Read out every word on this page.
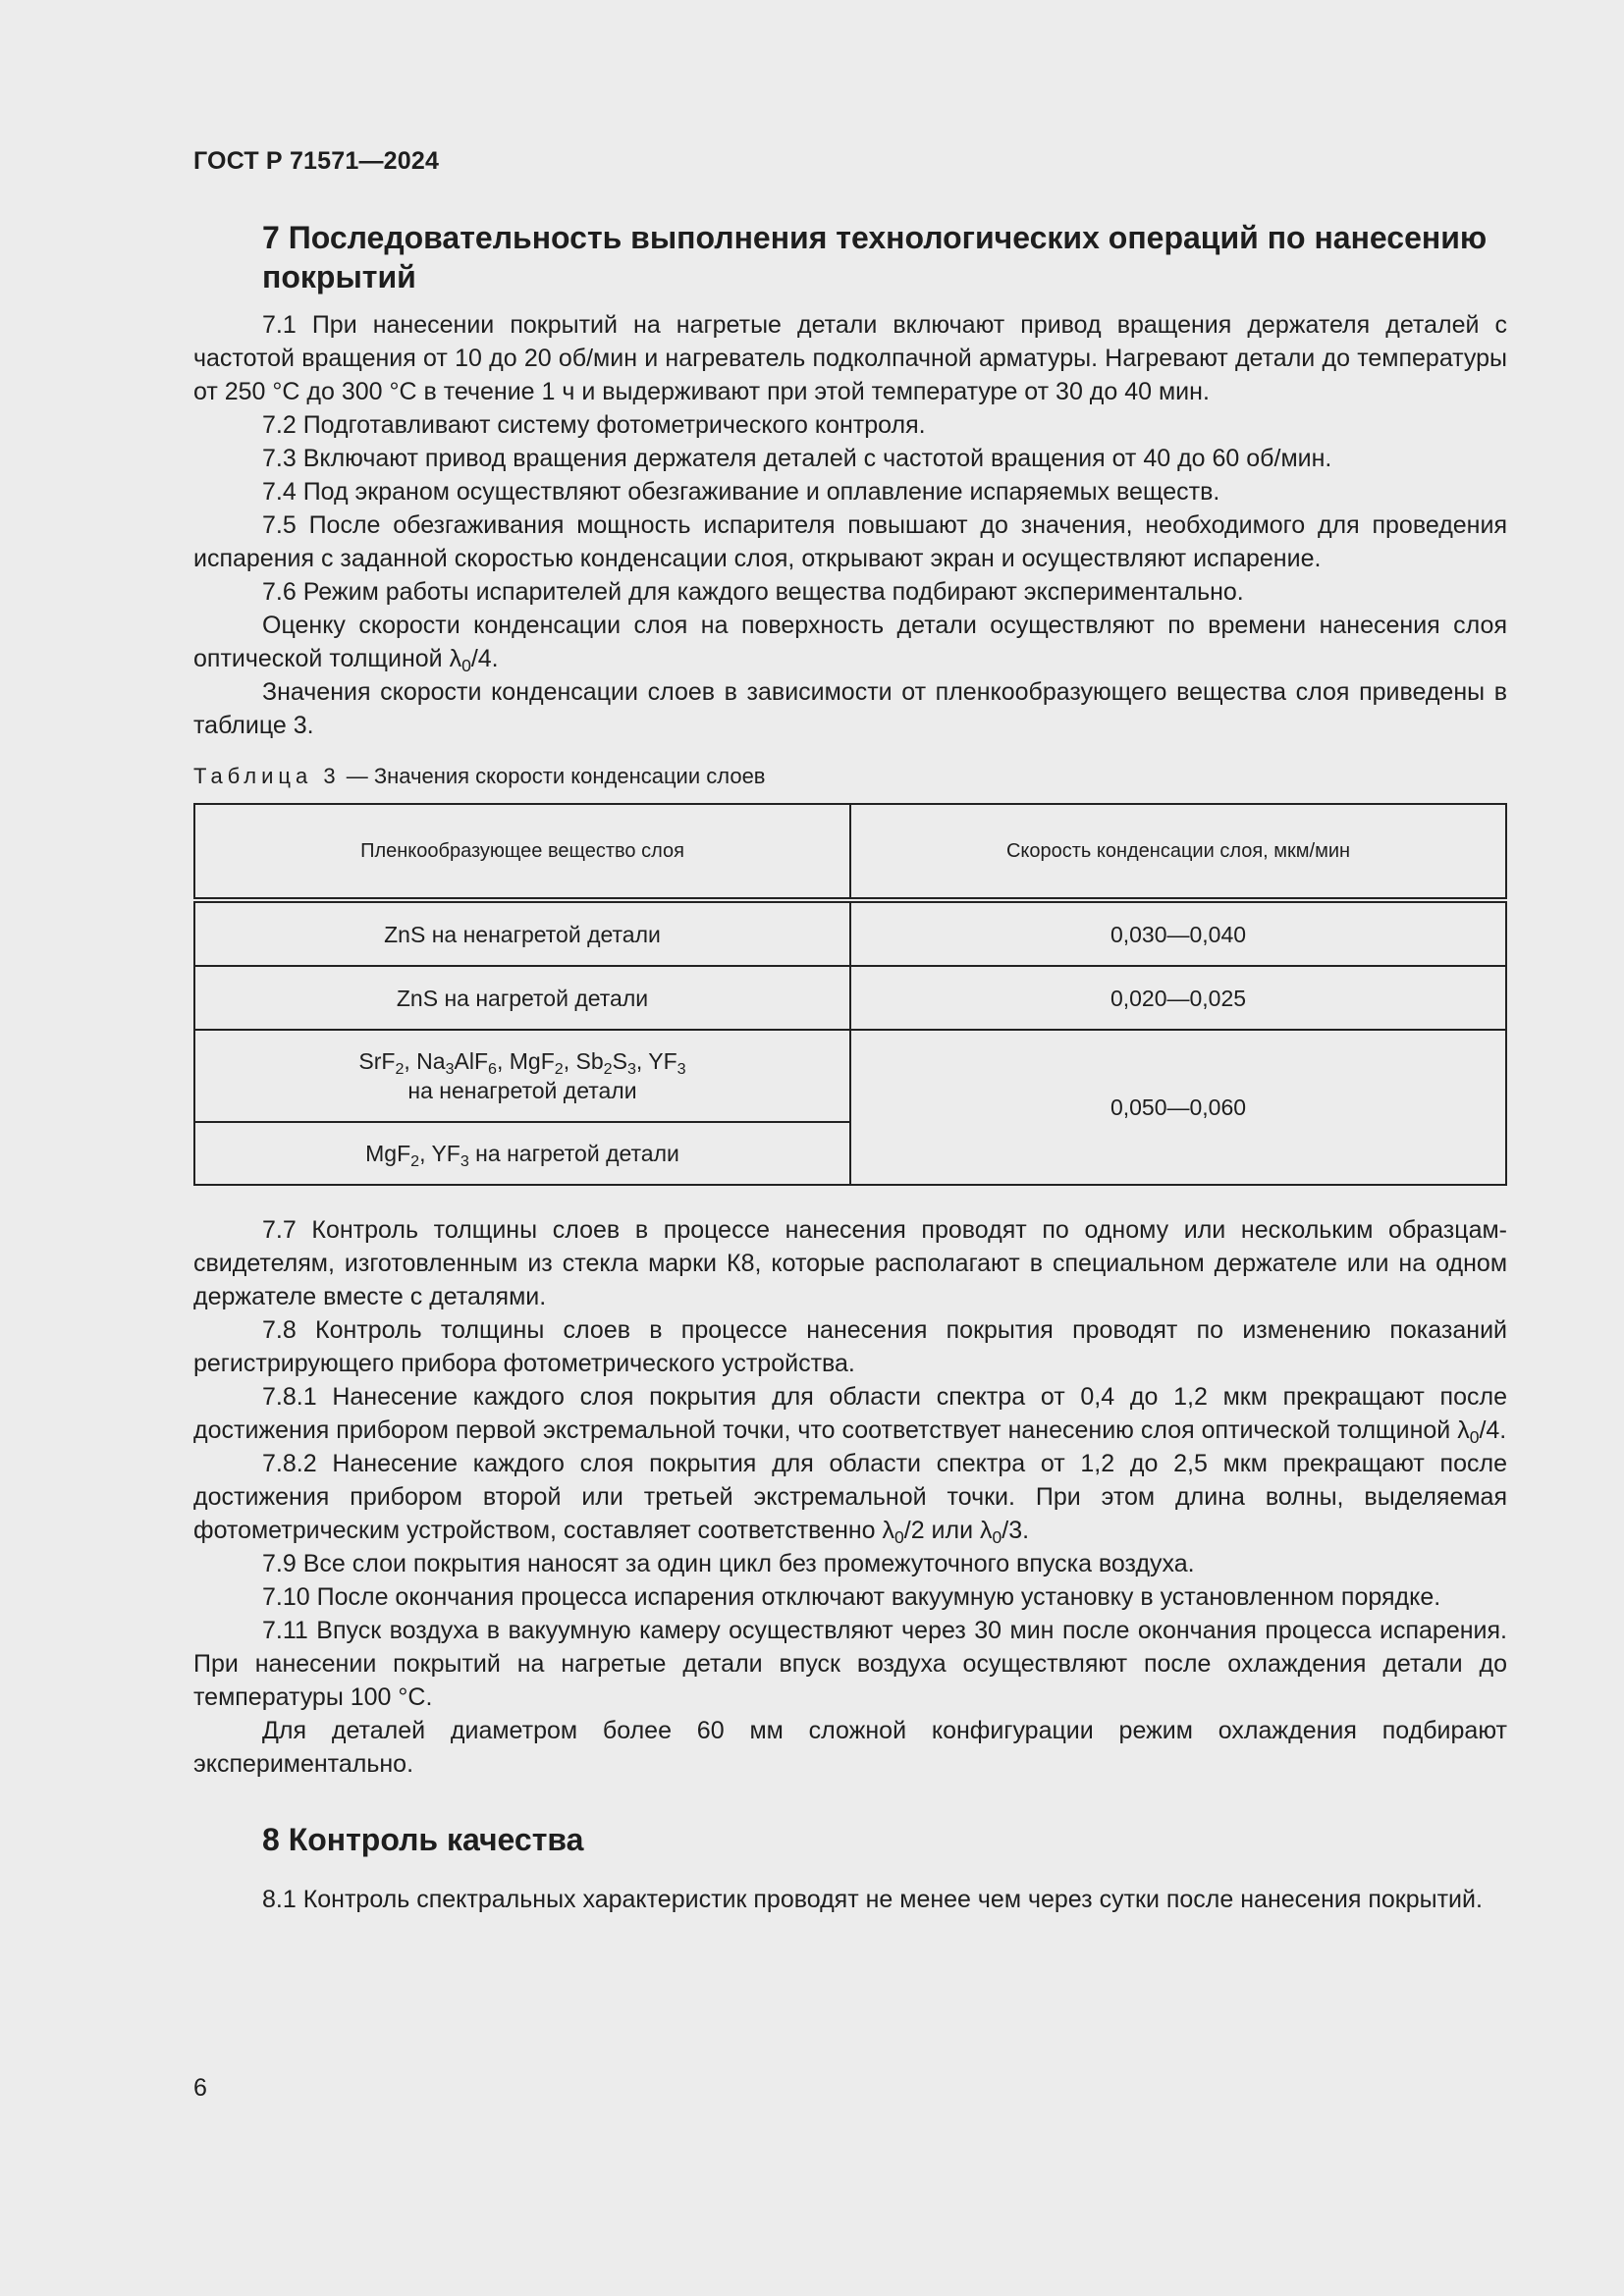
ГОСТ Р 71571—2024
7 Последовательность выполнения технологических операций по нанесению покрытий

7.1 При нанесении покрытий на нагретые детали включают привод вращения держателя деталей с частотой вращения от 10 до 20 об/мин и нагреватель подколпачной арматуры. Нагревают детали до температуры от 250 °C до 300 °C в течение 1 ч и выдерживают при этой температуре от 30 до 40 мин.

7.2 Подготавливают систему фотометрического контроля.

7.3 Включают привод вращения держателя деталей с частотой вращения от 40 до 60 об/мин.

7.4 Под экраном осуществляют обезгаживание и оплавление испаряемых веществ.

7.5 После обезгаживания мощность испарителя повышают до значения, необходимого для проведения испарения с заданной скоростью конденсации слоя, открывают экран и осуществляют испарение.

7.6 Режим работы испарителей для каждого вещества подбирают экспериментально.

Оценку скорости конденсации слоя на поверхность детали осуществляют по времени нанесения слоя оптической толщиной $\lambda_0/4$.

Значения скорости конденсации слоев в зависимости от пленкообразующего вещества слоя приведены в таблице 3.

Таблица 3 — Значения скорости конденсации слоев
Пленкообразующее вещество слоя	Скорость конденсации слоя, мкм/мин
ZnS на ненагретой детали	0,030—0,040
ZnS на нагретой детали	0,020—0,025
SrF$_2$, $Na_3AlF_6$, MgF$_2$, $Sb_2S_3$, $YF_3$
на ненагретой детали	0,050—0,060
MgF$_2$, $YF_3$ на нагретой детали	

7.7 Контроль толщины слоев в процессе нанесения проводят по одному или нескольким образцам-свидетелям, изготовленным из стекла марки К8, которые располагают в специальном держателе или на одном держателе вместе с деталями.

7.8 Контроль толщины слоев в процессе нанесения покрытия проводят по изменению показаний регистрирующего прибора фотометрического устройства.

7.8.1 Нанесение каждого слоя покрытия для области спектра от 0,4 до 1,2 мкм прекращают после достижения прибором первой экстремальной точки, что соответствует нанесению слоя оптической толщиной $\lambda_0/4$.

7.8.2 Нанесение каждого слоя покрытия для области спектра от 1,2 до 2,5 мкм прекращают после достижения прибором второй или третьей экстремальной точки. При этом длина волны, выделяемая фотометрическим устройством, составляет соответственно $\lambda_0/2$ или $\lambda_0/3$.

7.9 Все слои покрытия наносят за один цикл без промежуточного впуска воздуха.

7.10 После окончания процесса испарения отключают вакуумную установку в установленном порядке.

7.11 Впуск воздуха в вакуумную камеру осуществляют через 30 мин после окончания процесса испарения. При нанесении покрытий на нагретые детали впуск воздуха осуществляют после охлаждения детали до температуры 100 °C.

Для деталей диаметром более 60 мм сложной конфигурации режим охлаждения подбирают экспериментально.

8 Контроль качества

8.1 Контроль спектральных характеристик проводят не менее чем через сутки после нанесения покрытий.

6
